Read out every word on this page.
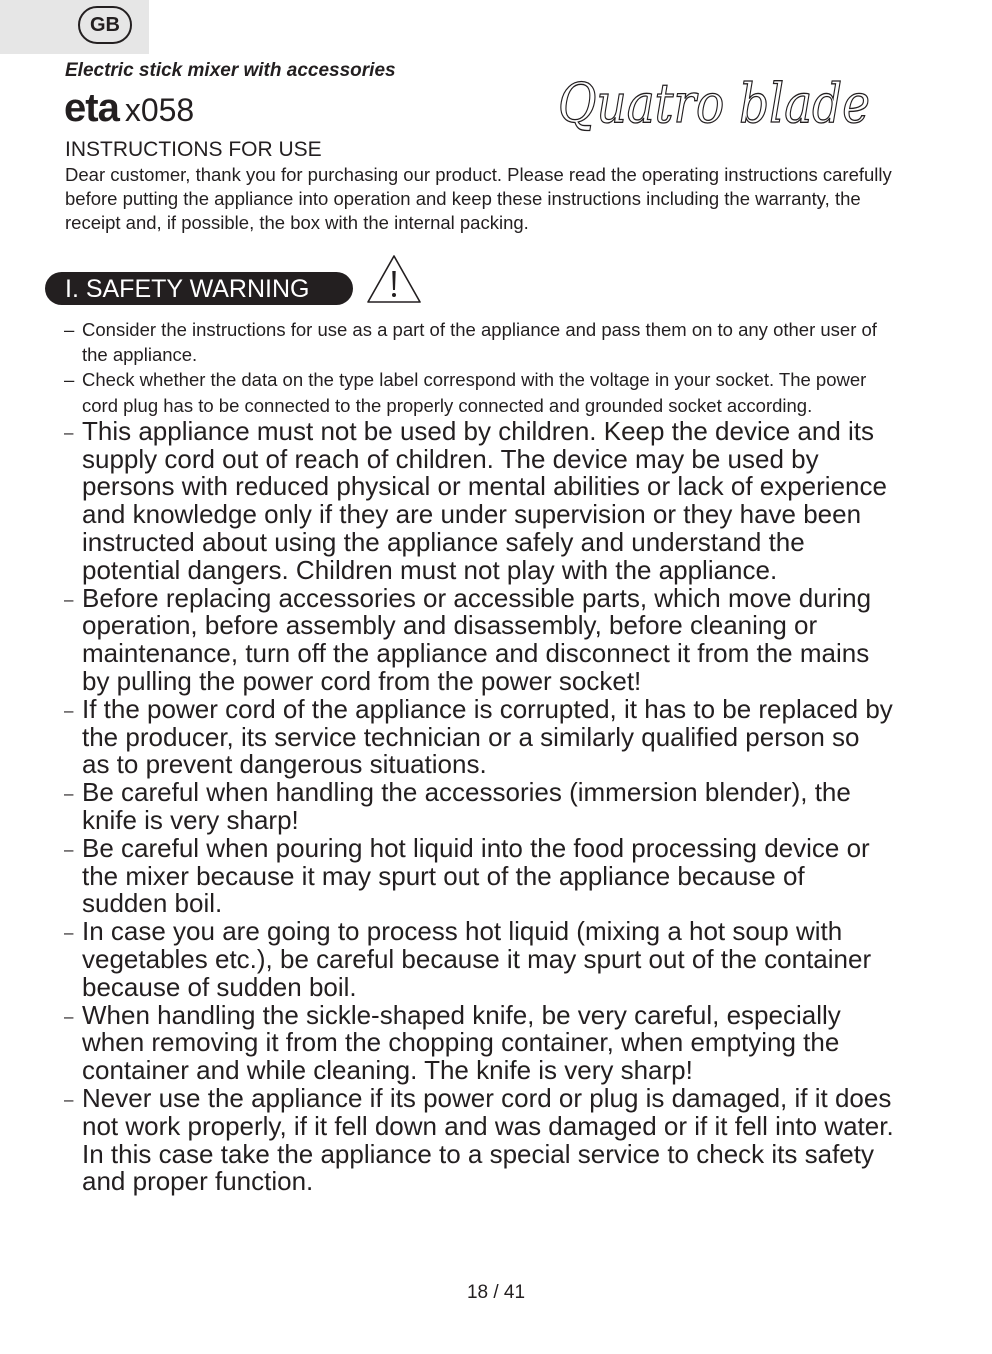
GB
Electric stick mixer with accessories
eta x058	Quatro blade
INSTRUCTIONS FOR USE
Dear customer, thank you for purchasing our product. Please read the operating instructions carefully before putting the appliance into operation and keep these instructions including the warranty, the receipt and, if possible, the box with the internal packing.
I. SAFETY WARNING
– Consider the instructions for use as a part of the appliance and pass them on to any other user of the appliance.
– Check whether the data on the type label correspond with the voltage in your socket. The power cord plug has to be connected to the properly connected and grounded socket according.
– This appliance must not be used by children. Keep the device and its supply cord out of reach of children. The device may be used by persons with reduced physical or mental abilities or lack of experience and knowledge only if they are under supervision or they have been instructed about using the appliance safely and understand the potential dangers. Children must not play with the appliance.
– Before replacing accessories or accessible parts, which move during operation, before assembly and disassembly, before cleaning or maintenance, turn off the appliance and disconnect it from the mains by pulling the power cord from the power socket!
– If the power cord of the appliance is corrupted, it has to be replaced by the producer, its service technician or a similarly qualified person so as to prevent dangerous situations.
– Be careful when handling the accessories (immersion blender), the knife is very sharp!
– Be careful when pouring hot liquid into the food processing device or the mixer because it may spurt out of the appliance because of sudden boil.
– In case you are going to process hot liquid (mixing a hot soup with vegetables etc.), be careful because it may spurt out of the container because of sudden boil.
– When handling the sickle-shaped knife, be very careful, especially when removing it from the chopping container, when emptying the container and while cleaning. The knife is very sharp!
– Never use the appliance if its power cord or plug is damaged, if it does not work properly, if it fell down and was damaged or if it fell into water. In this case take the appliance to a special service to check its safety and proper function.
18 / 41
